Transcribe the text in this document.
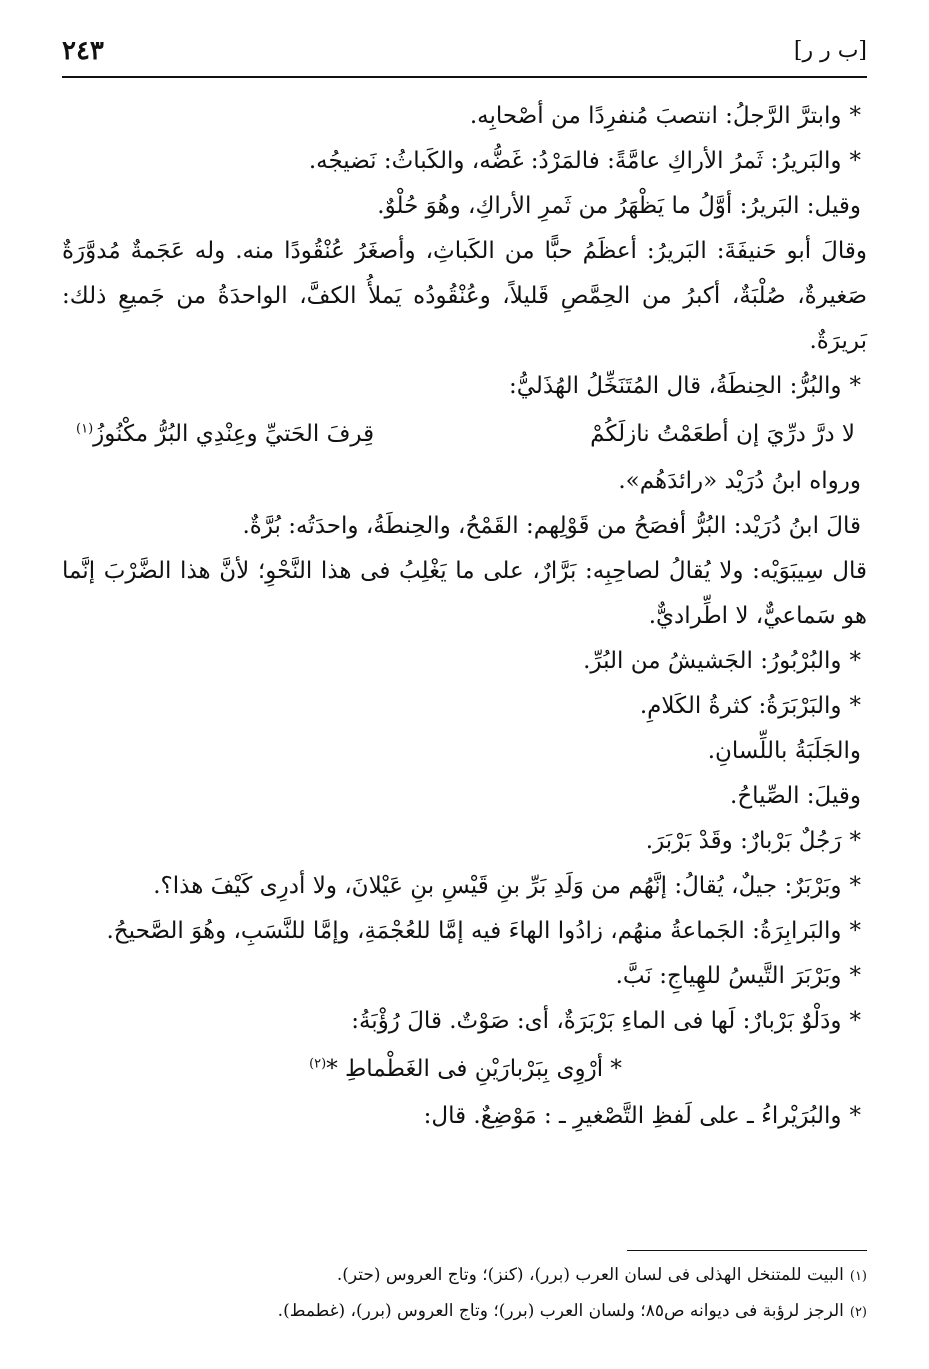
[ب ر ر]
٢٤٣

*وابترَّ الرَّجلُ: انتصبَ مُنفرِدًا من أصْحابِه.

*والبَريرُ: ثَمرُ الأراكِ عامَّةً: فالمَرْدُ: غَضُّه، والكَباثُ: نَضيجُه.

وقيل: البَريرُ: أوَّلُ ما يَظْهَرُ من ثَمرِ الأراكِ، وهُوَ حُلْوٌ.

وقالَ أبو حَنيفَةَ: البَريرُ: أعظَمُ حبًّا من الكَباثِ، وأصغَرُ عُنْقُودًا منه. وله عَجَمةٌ مُدوَّرَةٌ صَغيرةٌ، صُلْبَةٌ، أكبرُ من الحِمَّصِ قَليلاً، وعُنْقُودُه يَملأُ الكفَّ، الواحدَةُ من جَميعِ ذلك: بَريرَةٌ.

*والبُرُّ: الحِنطَةُ، قال المُتَنَخِّلُ الهُذَليُّ:

لا درَّ درِّيَ إن أطعَمْتُ نازلَكُمْ
قِرفَ الحَتيِّ وعِنْدِي البُرُّ مكْنُوزُ$^{(١)}$

ورواه ابنُ دُرَيْد «رائدَهُم».

قالَ ابنُ دُرَيْد: البُرُّ أفصَحُ من قَوْلِهم: القَمْحُ، والحِنطَةُ، واحدَتُه: بُرَّةٌ.

قال سِيبَوَيْه: ولا يُقالُ لصاحِبِه: بَرَّارٌ، على ما يَغْلِبُ فى هذا النَّحْوِ؛ لأنَّ هذا الضَّرْبَ إنَّما هو سَماعيٌّ، لا اطِّراديٌّ.

*والبُرْبُورُ: الجَشيشُ من البُرِّ.

*والبَرْبَرَةُ: كثرةُ الكَلامِ.

والجَلَبَةُ باللِّسانِ.

وقيلَ: الصِّياحُ.

*رَجُلٌ بَرْبارٌ: وقَدْ بَرْبَرَ.

*وبَرْبَرٌ: جيلٌ، يُقالُ: إنَّهُم من وَلَدِ بَرِّ بنِ قَيْسِ بنِ عَيْلانَ، ولا أدرِى كَيْفَ هذا؟.

*والبَرابِرَةُ: الجَماعةُ منهُم، زادُوا الهاءَ فيه إمَّا للعُجْمَةِ، وإمَّا للنَّسَبِ، وهُوَ الصَّحيحُ.

*وبَرْبَرَ التَّيسُ للهِياجِ: نَبَّ.

*ودَلْوٌ بَرْبارٌ: لَها فى الماءِ بَرْبَرَةٌ، أى: صَوْتٌ. قالَ رُؤْبَةُ:

* أرْوِى بِبَرْبارَيْنِ فى الغَطْماطِ *$^{(٢)}$

*والبُرَيْراءُ ـ على لَفظِ التَّصْغيرِ ـ : مَوْضِعٌ. قال:

(١)البيت للمتنخل الهذلى فى لسان العرب (برر)، (كنز)؛ وتاج العروس (حتر).

(٢)الرجز لرؤبة فى ديوانه ص٨٥؛ ولسان العرب (برر)؛ وتاج العروس (برر)، (غطمط).
